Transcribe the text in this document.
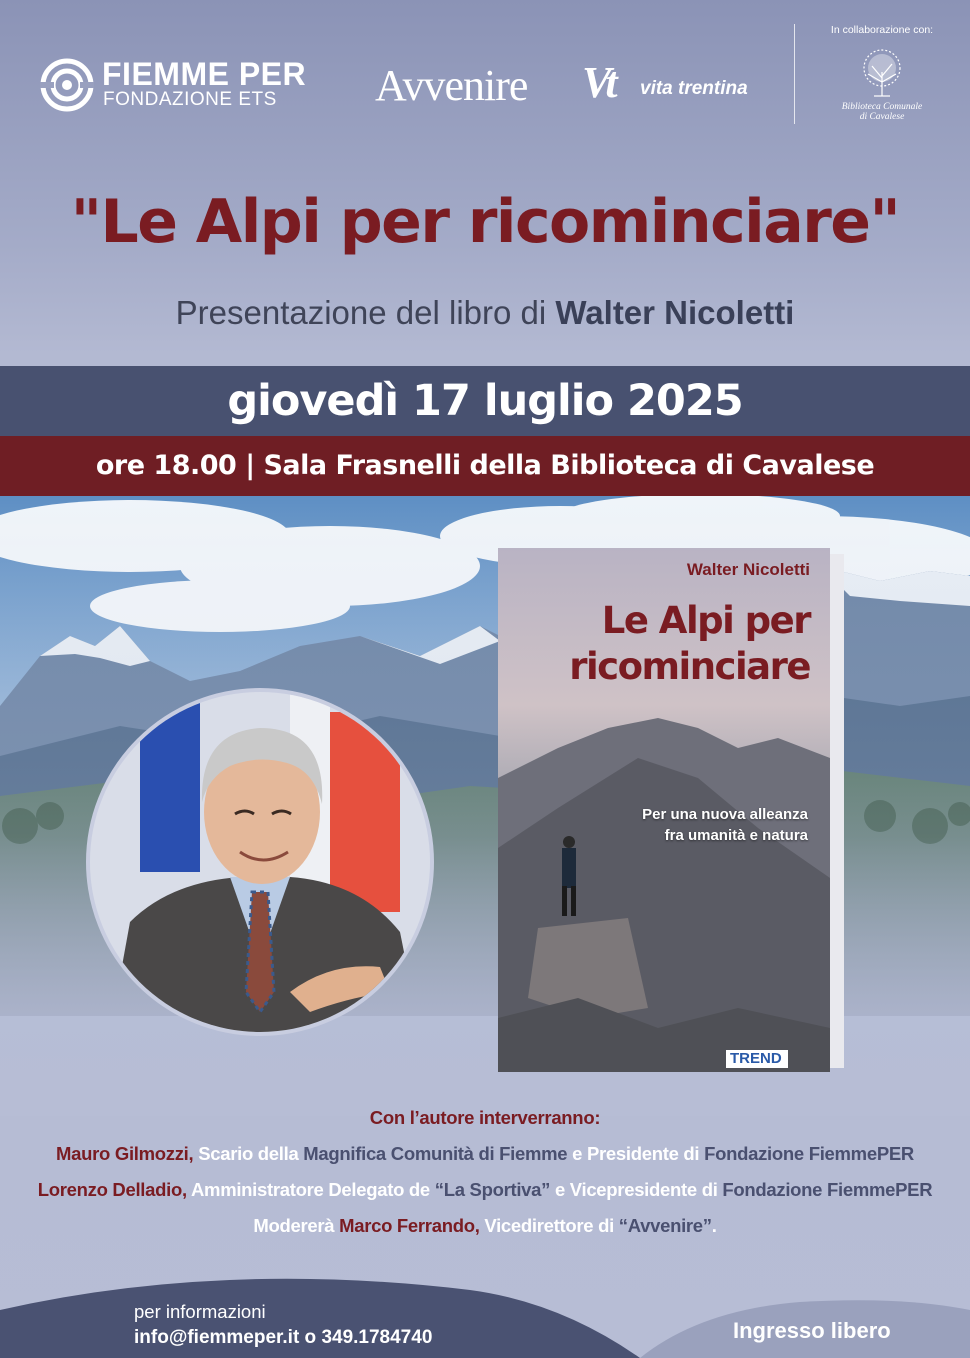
FIEMME PER
FONDAZIONE ETS Avvenire Vt vita trentina
In collaborazione con:
Biblioteca Comunale
di Cavalese
"Le Alpi per ricominciare"
Presentazione del libro di Walter Nicoletti
giovedì 17 luglio 2025
ore 18.00 | Sala Frasnelli della Biblioteca di Cavalese
Walter Nicoletti
Le Alpi per
ricominciare
Per una nuova alleanza
fra umanità e natura
TREND
Con l’autore interverranno:
Mauro Gilmozzi, Scario della Magnifica Comunità di Fiemme e Presidente di Fondazione FiemmePER
Lorenzo Delladio, Amministratore Delegato de “La Sportiva” e Vicepresidente di Fondazione FiemmePER
Modererà Marco Ferrando, Vicedirettore di “Avvenire”.
per informazioni
info@fiemmeper.it o 349.1784740	Ingresso libero
